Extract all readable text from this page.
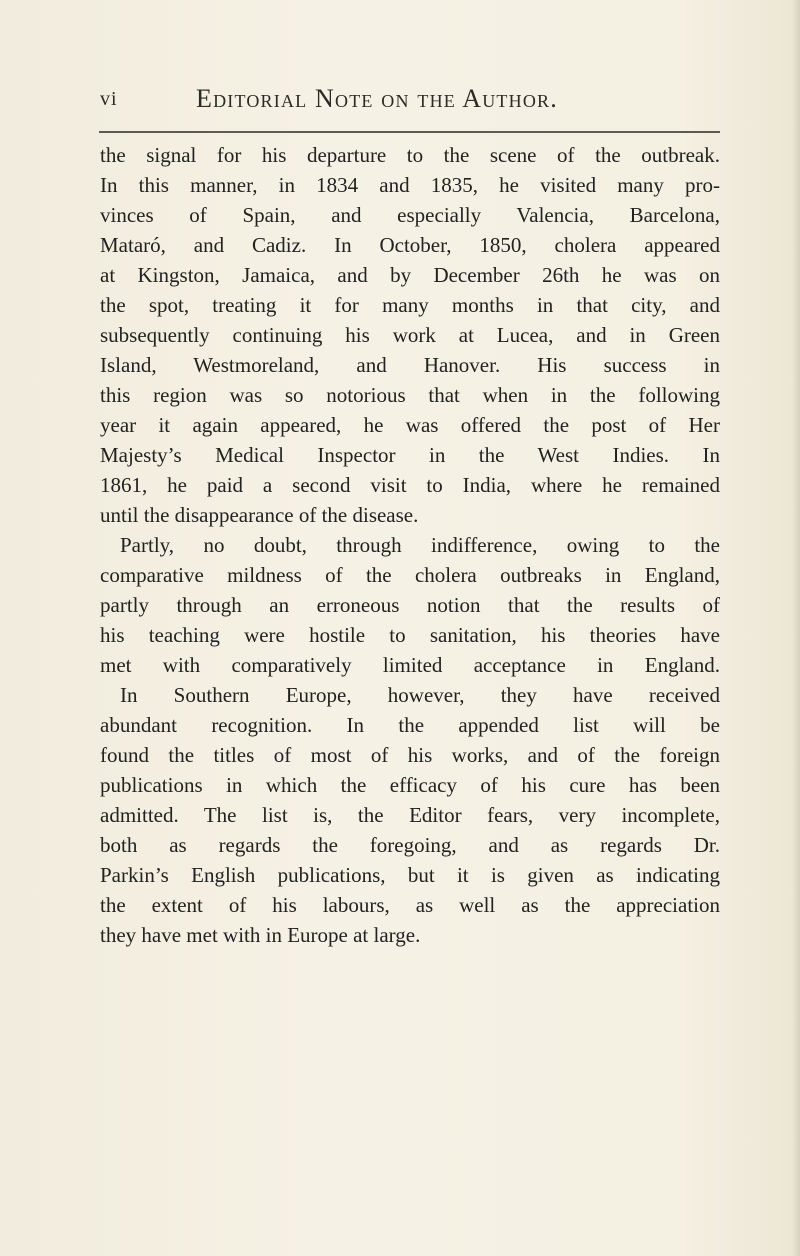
vi	Editorial Note on the Author.
the signal for his departure to the scene of the outbreak.
In this manner, in 1834 and 1835, he visited many pro-
vinces of Spain, and especially Valencia, Barcelona,
Mataró, and Cadiz. In October, 1850, cholera appeared
at Kingston, Jamaica, and by December 26th he was on
the spot, treating it for many months in that city, and
subsequently continuing his work at Lucea, and in Green
Island, Westmoreland, and Hanover. His success in
this region was so notorious that when in the following
year it again appeared, he was offered the post of Her
Majesty’s Medical Inspector in the West Indies. In
1861, he paid a second visit to India, where he remained
until the disappearance of the disease.
Partly, no doubt, through indifference, owing to the
comparative mildness of the cholera outbreaks in England,
partly through an erroneous notion that the results of
his teaching were hostile to sanitation, his theories have
met with comparatively limited acceptance in England.
In Southern Europe, however, they have received
abundant recognition. In the appended list will be
found the titles of most of his works, and of the foreign
publications in which the efficacy of his cure has been
admitted. The list is, the Editor fears, very incomplete,
both as regards the foregoing, and as regards Dr.
Parkin’s English publications, but it is given as indicating
the extent of his labours, as well as the appreciation
they have met with in Europe at large.
